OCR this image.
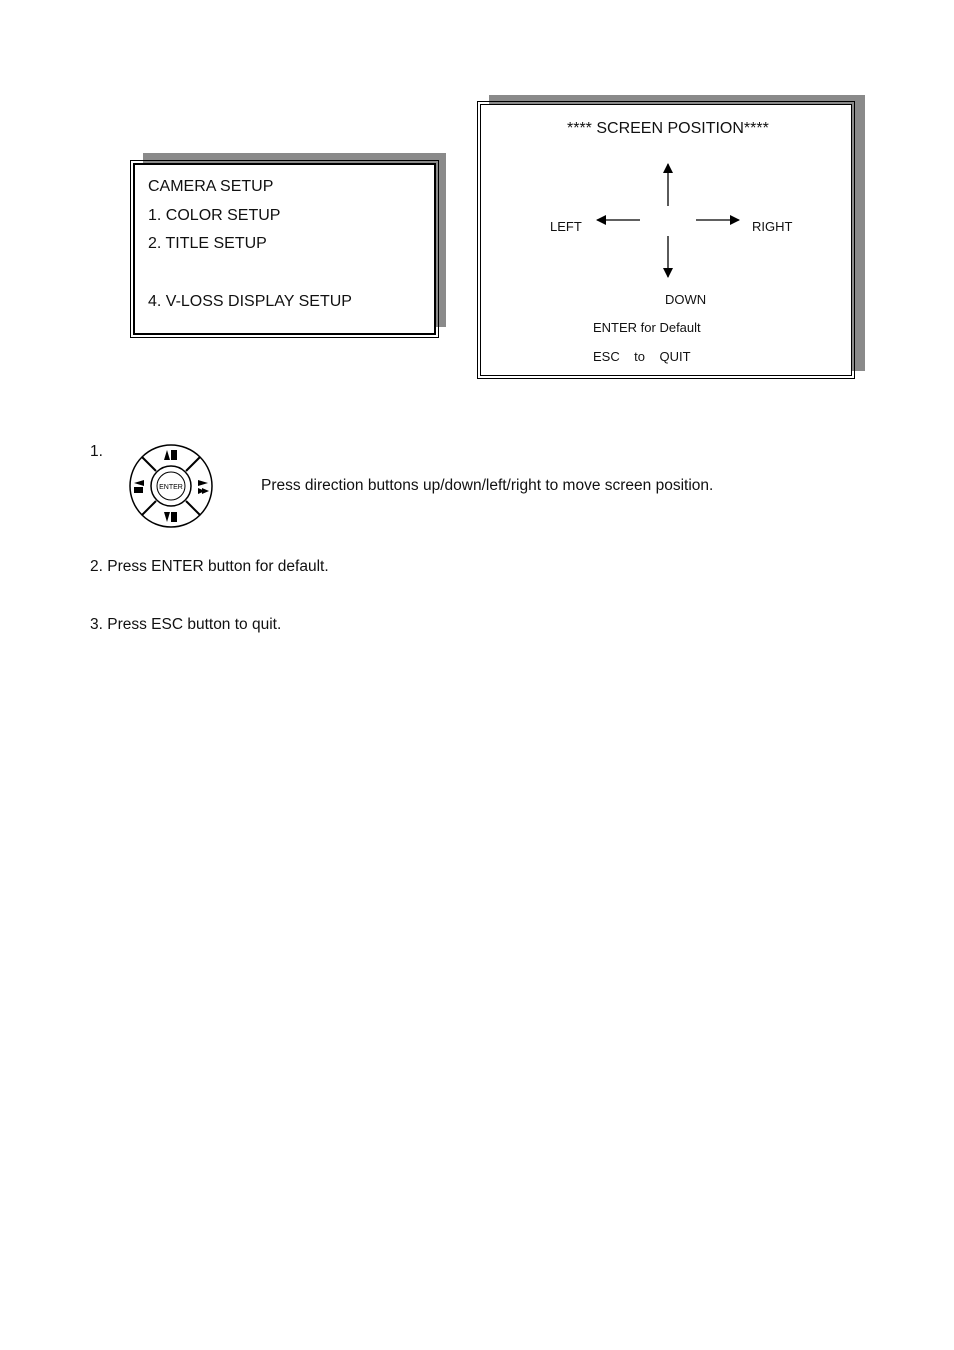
CAMERA SETUP
1. COLOR SETUP
2. TITLE SETUP
4. V-LOSS DISPLAY SETUP
**** SCREEN POSITION****
LEFT	RIGHT
DOWN
ENTER for Default
ESC    to    QUIT
1.
ENTER	Press direction buttons up/down/left/right to move screen position.
2. Press ENTER button for default.
3. Press ESC button to quit.
